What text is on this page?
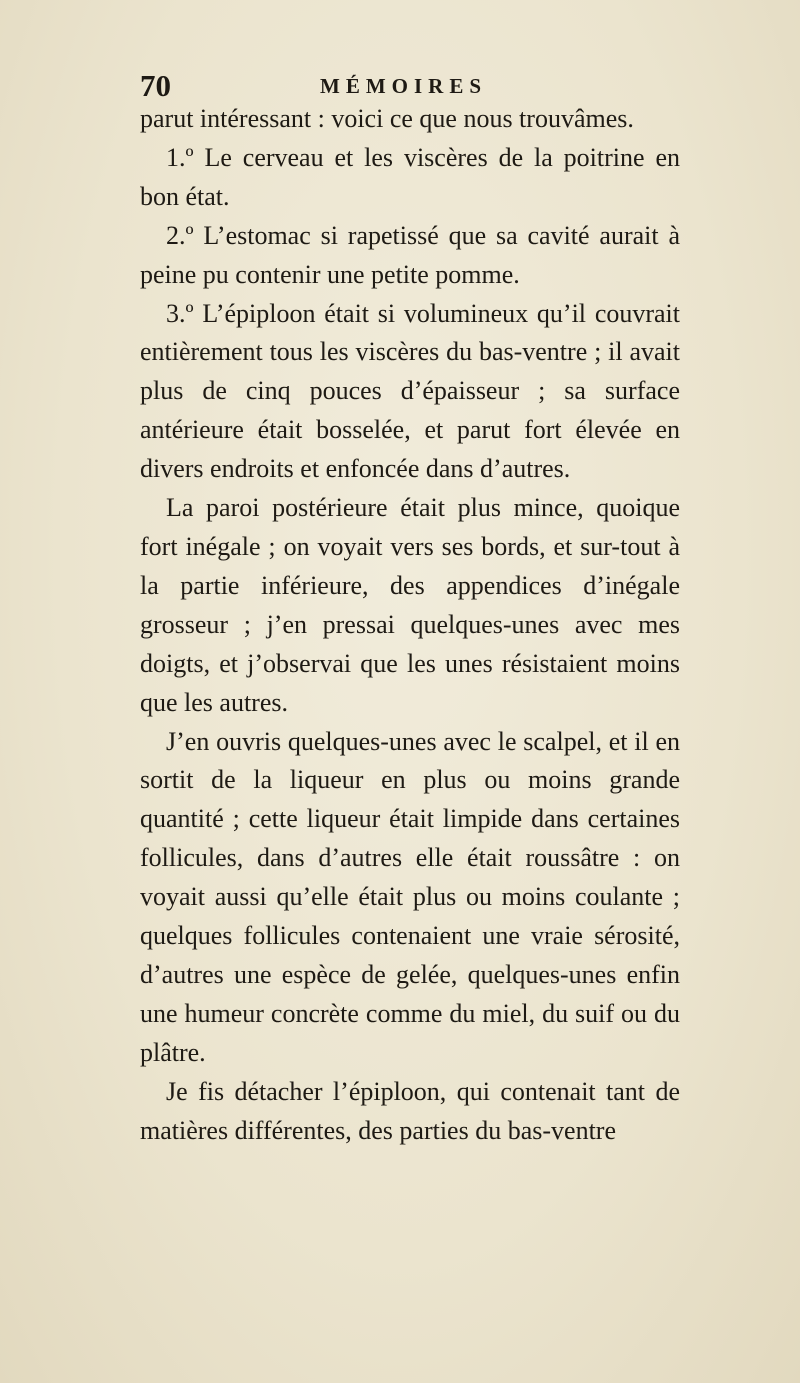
70	MÉMOIRES

parut intéressant : voici ce que nous trouvâmes.

1.º Le cerveau et les viscères de la poitrine en bon état.

2.º L’estomac si rapetissé que sa cavité aurait à peine pu contenir une petite pomme.

3.º L’épiploon était si volumineux qu’il couvrait entièrement tous les viscères du bas-ventre ; il avait plus de cinq pouces d’épaisseur ; sa surface antérieure était bosselée, et parut fort élevée en divers endroits et enfoncée dans d’autres.

La paroi postérieure était plus mince, quoique fort inégale ; on voyait vers ses bords, et sur-tout à la partie inférieure, des appendices d’inégale grosseur ; j’en pressai quelques-unes avec mes doigts, et j’observai que les unes résistaient moins que les autres.

J’en ouvris quelques-unes avec le scalpel, et il en sortit de la liqueur en plus ou moins grande quantité ; cette liqueur était limpide dans certaines follicules, dans d’autres elle était roussâtre : on voyait aussi qu’elle était plus ou moins coulante ; quelques follicules contenaient une vraie sérosité, d’autres une espèce de gelée, quelques-unes enfin une humeur concrète comme du miel, du suif ou du plâtre.

Je fis détacher l’épiploon, qui contenait tant de matières différentes, des parties du bas-ventre
